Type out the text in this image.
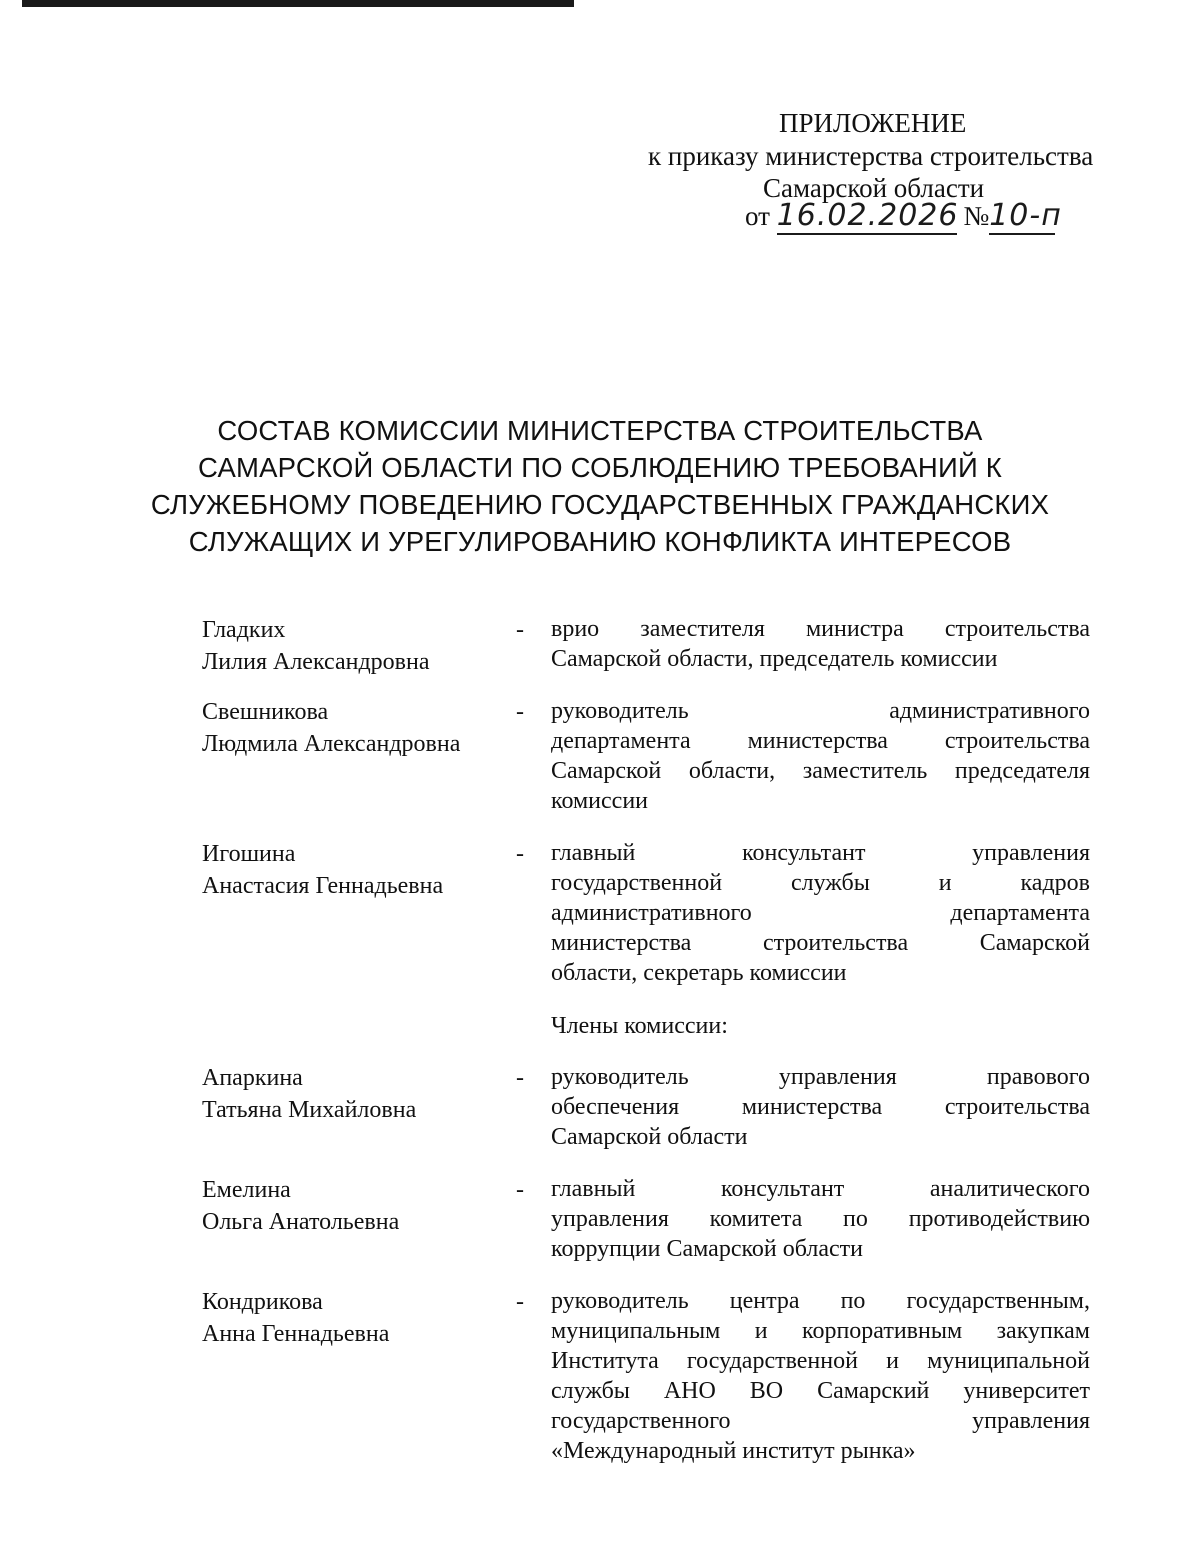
ПРИЛОЖЕНИЕ
к приказу министерства строительства
Самарской области
от 16.02.2026 №10-п
СОСТАВ КОМИССИИ МИНИСТЕРСТВА СТРОИТЕЛЬСТВА
САМАРСКОЙ ОБЛАСТИ ПО СОБЛЮДЕНИЮ ТРЕБОВАНИЙ К
СЛУЖЕБНОМУ ПОВЕДЕНИЮ ГОСУДАРСТВЕННЫХ ГРАЖДАНСКИХ
СЛУЖАЩИХ И УРЕГУЛИРОВАНИЮ КОНФЛИКТА ИНТЕРЕСОВ
Гладких
Лилия Александровна
- врио заместителя министра строительства
Самарской области, председатель комиссии
Свешникова
Людмила Александровна
- руководитель административного
департамента министерства строительства
Самарской области, заместитель председателя
комиссии
Игошина
Анастасия Геннадьевна
- главный консультант управления
государственной службы и кадров
административного департамента
министерства строительства Самарской
области, секретарь комиссии
Члены комиссии:
Апаркина
Татьяна Михайловна
- руководитель управления правового
обеспечения министерства строительства
Самарской области
Емелина
Ольга Анатольевна
- главный консультант аналитического
управления комитета по противодействию
коррупции Самарской области
Кондрикова
Анна Геннадьевна
- руководитель центра по государственным,
муниципальным и корпоративным закупкам
Института государственной и муниципальной
службы АНО ВО Самарский университет
государственного управления
«Международный институт рынка»
